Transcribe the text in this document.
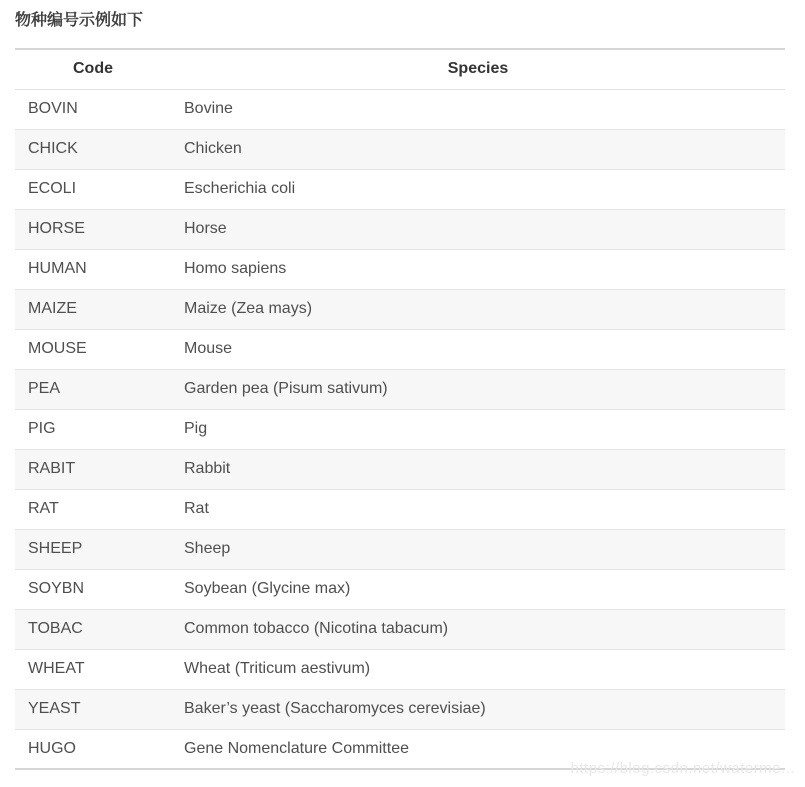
物种编号示例如下
Code	Species
BOVIN	Bovine
CHICK	Chicken
ECOLI	Escherichia coli
HORSE	Horse
HUMAN	Homo sapiens
MAIZE	Maize (Zea mays)
MOUSE	Mouse
PEA	Garden pea (Pisum sativum)
PIG	Pig
RABIT	Rabbit
RAT	Rat
SHEEP	Sheep
SOYBN	Soybean (Glycine max)
TOBAC	Common tobacco (Nicotina tabacum)
WHEAT	Wheat (Triticum aestivum)
YEAST	Baker’s yeast (Saccharomyces cerevisiae)
HUGO	Gene Nomenclature Committee
https://blog.csdn.net/waterme...
